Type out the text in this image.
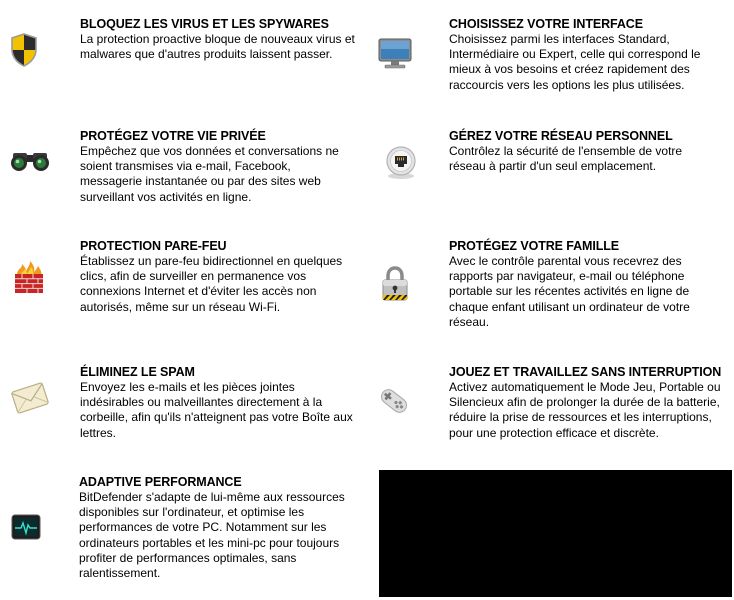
BLOQUEZ LES VIRUS ET LES SPYWARES
La protection proactive bloque de nouveaux virus et malwares que d'autres produits laissent passer.
CHOISISSEZ VOTRE INTERFACE
Choisissez parmi les interfaces Standard, Intermédiaire ou Expert, celle qui correspond le mieux à vos besoins et créez rapidement des raccourcis vers les options les plus utilisées.
PROTÉGEZ VOTRE VIE PRIVÉE
Empêchez que vos données et conversations ne soient transmises via e-mail, Facebook, messagerie instantanée ou par des sites web surveillant vos activités en ligne.
GÉREZ VOTRE RÉSEAU PERSONNEL
Contrôlez la sécurité de l'ensemble de votre réseau à partir d'un seul emplacement.
PROTECTION PARE-FEU
Établissez un pare-feu bidirectionnel en quelques clics, afin de surveiller en permanence vos connexions Internet et d'éviter les accès non autorisés, même sur un réseau Wi-Fi.
PROTÉGEZ VOTRE FAMILLE
Avec le contrôle parental vous recevrez des rapports par navigateur, e-mail ou téléphone portable sur les récentes activités en ligne de chaque enfant utilisant un ordinateur de votre réseau.
ÉLIMINEZ LE SPAM
Envoyez les e-mails et les pièces jointes indésirables ou malveillantes directement à la corbeille, afin qu'ils n'atteignent pas votre Boîte aux lettres.
JOUEZ ET TRAVAILLEZ SANS INTERRUPTION
Activez automatiquement le Mode Jeu, Portable ou Silencieux afin de prolonger la durée de la batterie, réduire la prise de ressources et les interruptions, pour une protection efficace et discrète.
ADAPTIVE PERFORMANCE
BitDefender s'adapte de lui-même aux ressources disponibles sur l'ordinateur, et optimise les performances de votre PC. Notamment sur les ordinateurs portables et les mini-pc pour toujours profiter de performances optimales, sans ralentissement.
